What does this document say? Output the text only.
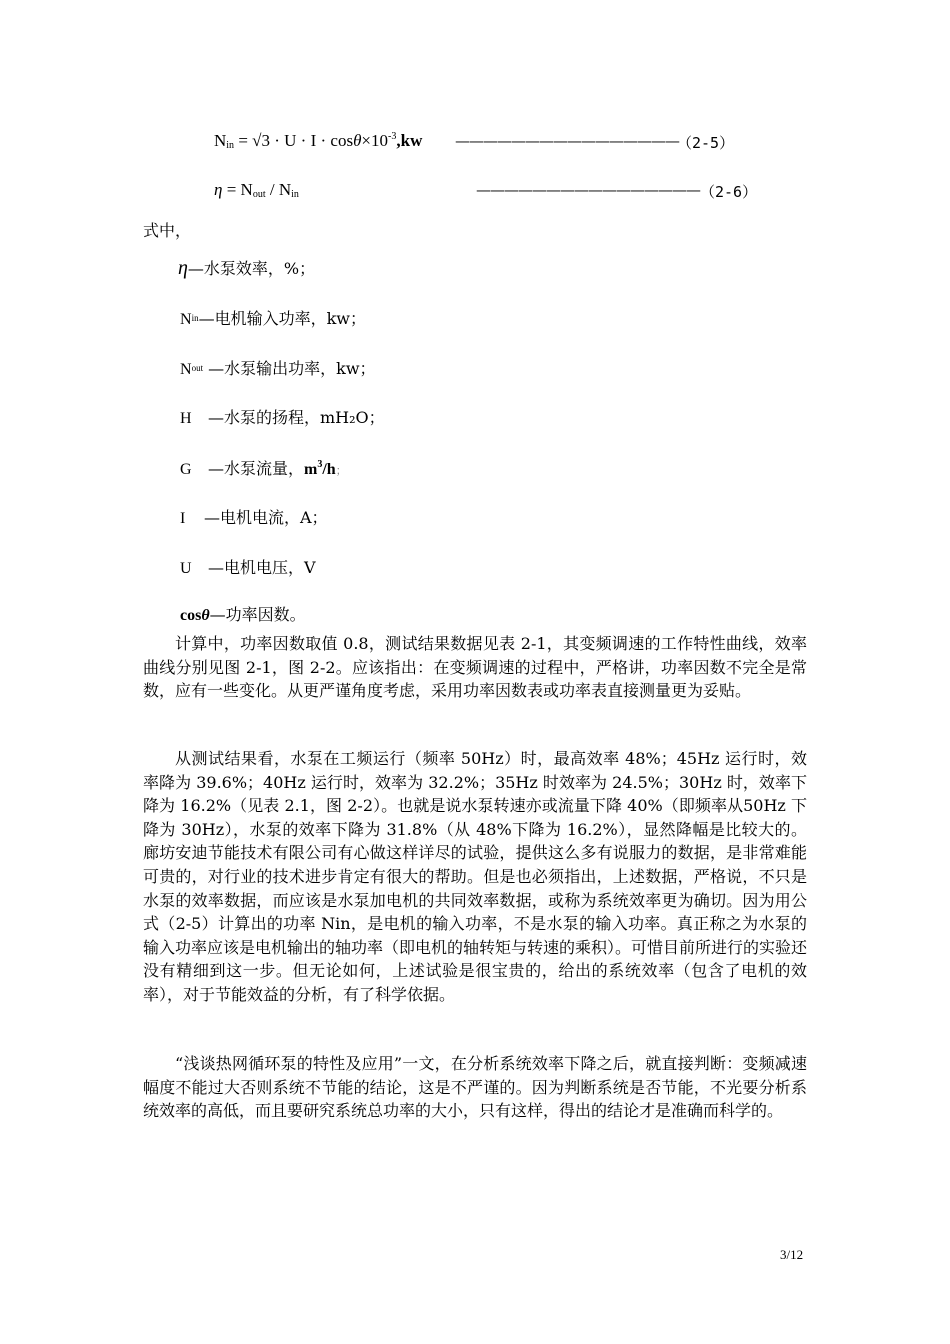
$N_{in} = √3 \cdot U \cdot I \cdot \cos\theta\times 10^{-3},kw$ ————————————————
（2-5）
$\eta = N_{out} / N_{in}$	———————————————— （2-6）
式中，
η—水泵效率，%；
$N_{in}—$电机输入功率，kw；
$N_{out}$ —水泵输出功率，kw；
H —水泵的扬程，mH₂O；
G —水泵流量，$m^3/h$；
I —电机电流，A；
U —电机电压，V
cosθ—功率因数。

计算中，功率因数取值 0.8，测试结果数据见表 2-1，其变频调速的工作特性曲线，效率曲线分别见图 2-1，图 2-2。应该指出：在变频调速的过程中，严格讲，功率因数不完全是常数，应有一些变化。从更严谨角度考虑，采用功率因数表或功率表直接测量更为妥贴。

从测试结果看，水泵在工频运行（频率 50Hz）时，最高效率 48%；45Hz 运行时，效率降为 39.6%；40Hz 运行时，效率为 32.2%；35Hz 时效率为 24.5%；30Hz 时，效率下降为 16.2%（见表 2.1，图 2-2）。也就是说水泵转速亦或流量下降 40%（即频率从50Hz 下降为 30Hz），水泵的效率下降为 31.8%（从 48%下降为 16.2%），显然降幅是比较大的。廊坊安迪节能技术有限公司有心做这样详尽的试验，提供这么多有说服力的数据，是非常难能可贵的，对行业的技术进步肯定有很大的帮助。但是也必须指出，上述数据，严格说，不只是水泵的效率数据，而应该是水泵加电机的共同效率数据，或称为系统效率更为确切。因为用公式（2-5）计算出的功率 Nin，是电机的输入功率，不是水泵的输入功率。真正称之为水泵的输入功率应该是电机输出的轴功率（即电机的轴转矩与转速的乘积）。可惜目前所进行的实验还没有精细到这一步。但无论如何，上述试验是很宝贵的，给出的系统效率（包含了电机的效率），对于节能效益的分析，有了科学依据。

“浅谈热网循环泵的特性及应用”一文，在分析系统效率下降之后，就直接判断：变频减速幅度不能过大否则系统不节能的结论，这是不严谨的。因为判断系统是否节能，不光要分析系统效率的高低，而且要研究系统总功率的大小，只有这样，得出的结论才是准确而科学的。

3/12
